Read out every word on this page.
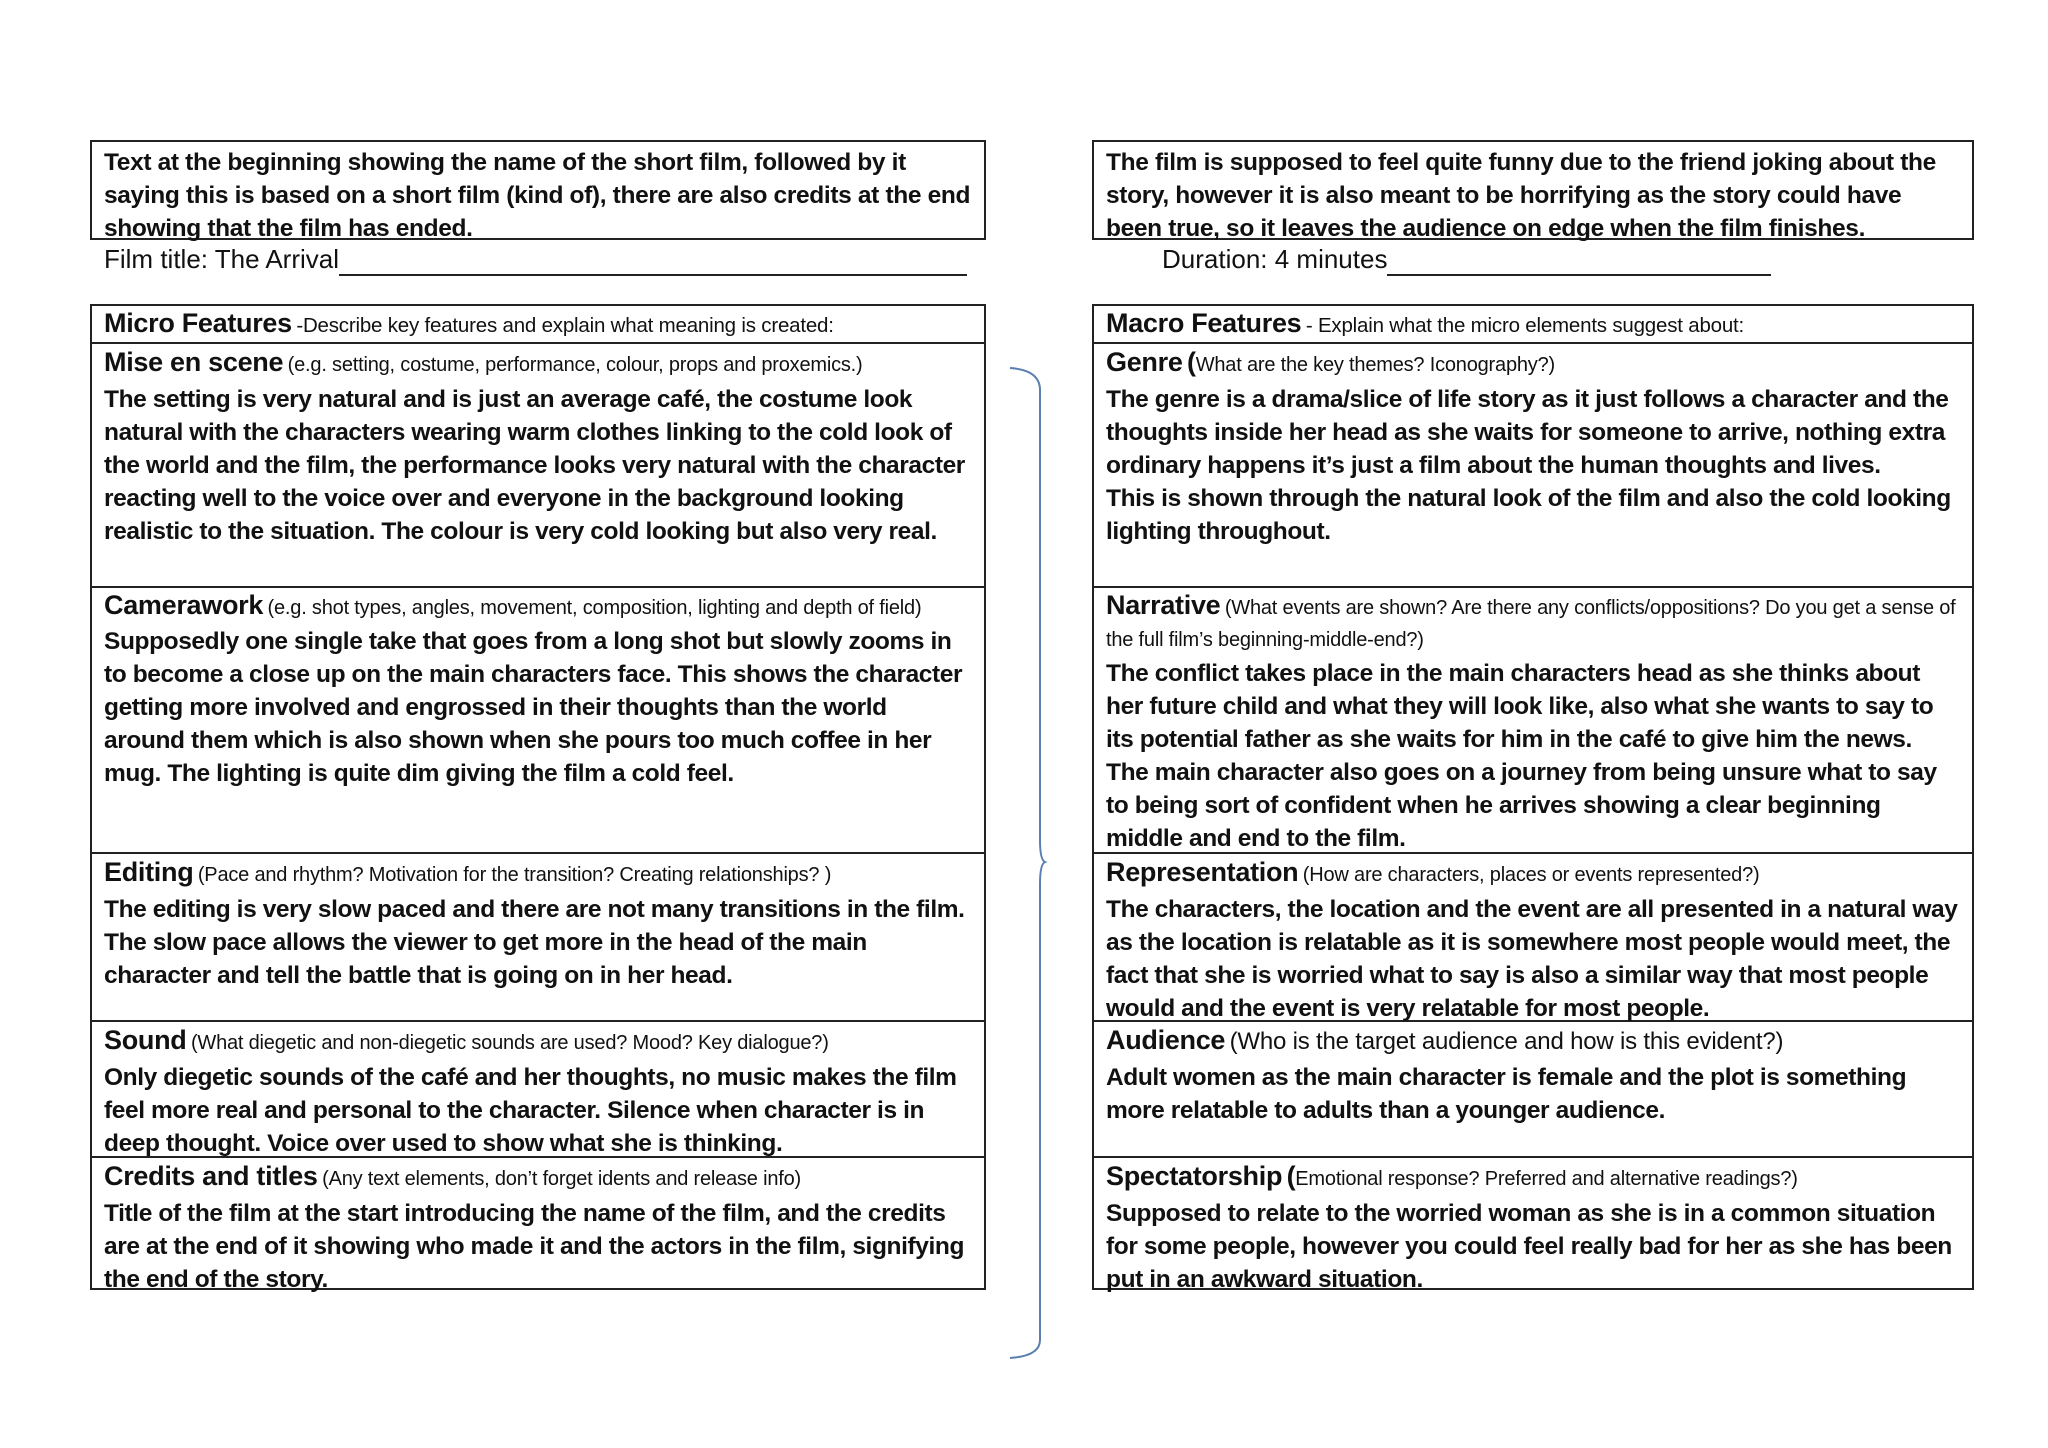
Text at the beginning showing the name of the short film, followed by it saying this is based on a short film (kind of), there are also credits at the end showing that the film has ended.
The film is supposed to feel quite funny due to the friend joking about the story, however it is also meant to be horrifying as the story could have been true, so it leaves the audience on edge when the film finishes.
Film title: The Arrival	Duration: 4 minutes
Micro Features -Describe key features and explain what meaning is created:
Mise en scene (e.g. setting, costume, performance, colour, props and proxemics.)
The setting is very natural and is just an average café, the costume look natural with the characters wearing warm clothes linking to the cold look of the world and the film, the performance looks very natural with the character reacting well to the voice over and everyone in the background looking realistic to the situation. The colour is very cold looking but also very real.
Camerawork (e.g. shot types, angles, movement, composition, lighting and depth of field)
Supposedly one single take that goes from a long shot but slowly zooms in to become a close up on the main characters face. This shows the character getting more involved and engrossed in their thoughts than the world around them which is also shown when she pours too much coffee in her mug. The lighting is quite dim giving the film a cold feel.
Editing (Pace and rhythm? Motivation for the transition? Creating relationships? )
The editing is very slow paced and there are not many transitions in the film. The slow pace allows the viewer to get more in the head of the main character and tell the battle that is going on in her head.
Sound (What diegetic and non-diegetic sounds are used? Mood? Key dialogue?)
Only diegetic sounds of the café and her thoughts, no music makes the film feel more real and personal to the character. Silence when character is in deep thought. Voice over used to show what she is thinking.
Credits and titles (Any text elements, don’t forget idents and release info)
Title of the film at the start introducing the name of the film, and the credits are at the end of it showing who made it and the actors in the film, signifying the end of the story.
Macro Features - Explain what the micro elements suggest about:
Genre (What are the key themes? Iconography?)
The genre is a drama/slice of life story as it just follows a character and the thoughts inside her head as she waits for someone to arrive, nothing extra ordinary happens it’s just a film about the human thoughts and lives.
This is shown through the natural look of the film and also the cold looking lighting throughout.
Narrative (What events are shown? Are there any conflicts/oppositions? Do you get a sense of the full film’s beginning-middle-end?)
The conflict takes place in the main characters head as she thinks about her future child and what they will look like, also what she wants to say to its potential father as she waits for him in the café to give him the news. The main character also goes on a journey from being unsure what to say to being sort of confident when he arrives showing a clear beginning middle and end to the film.
Representation (How are characters, places or events represented?)
The characters, the location and the event are all presented in a natural way as the location is relatable as it is somewhere most people would meet, the fact that she is worried what to say is also a similar way that most people would and the event is very relatable for most people.
Audience (Who is the target audience and how is this evident?)
Adult women as the main character is female and the plot is something more relatable to adults than a younger audience.
Spectatorship (Emotional response? Preferred and alternative readings?)
Supposed to relate to the worried woman as she is in a common situation for some people, however you could feel really bad for her as she has been put in an awkward situation.
